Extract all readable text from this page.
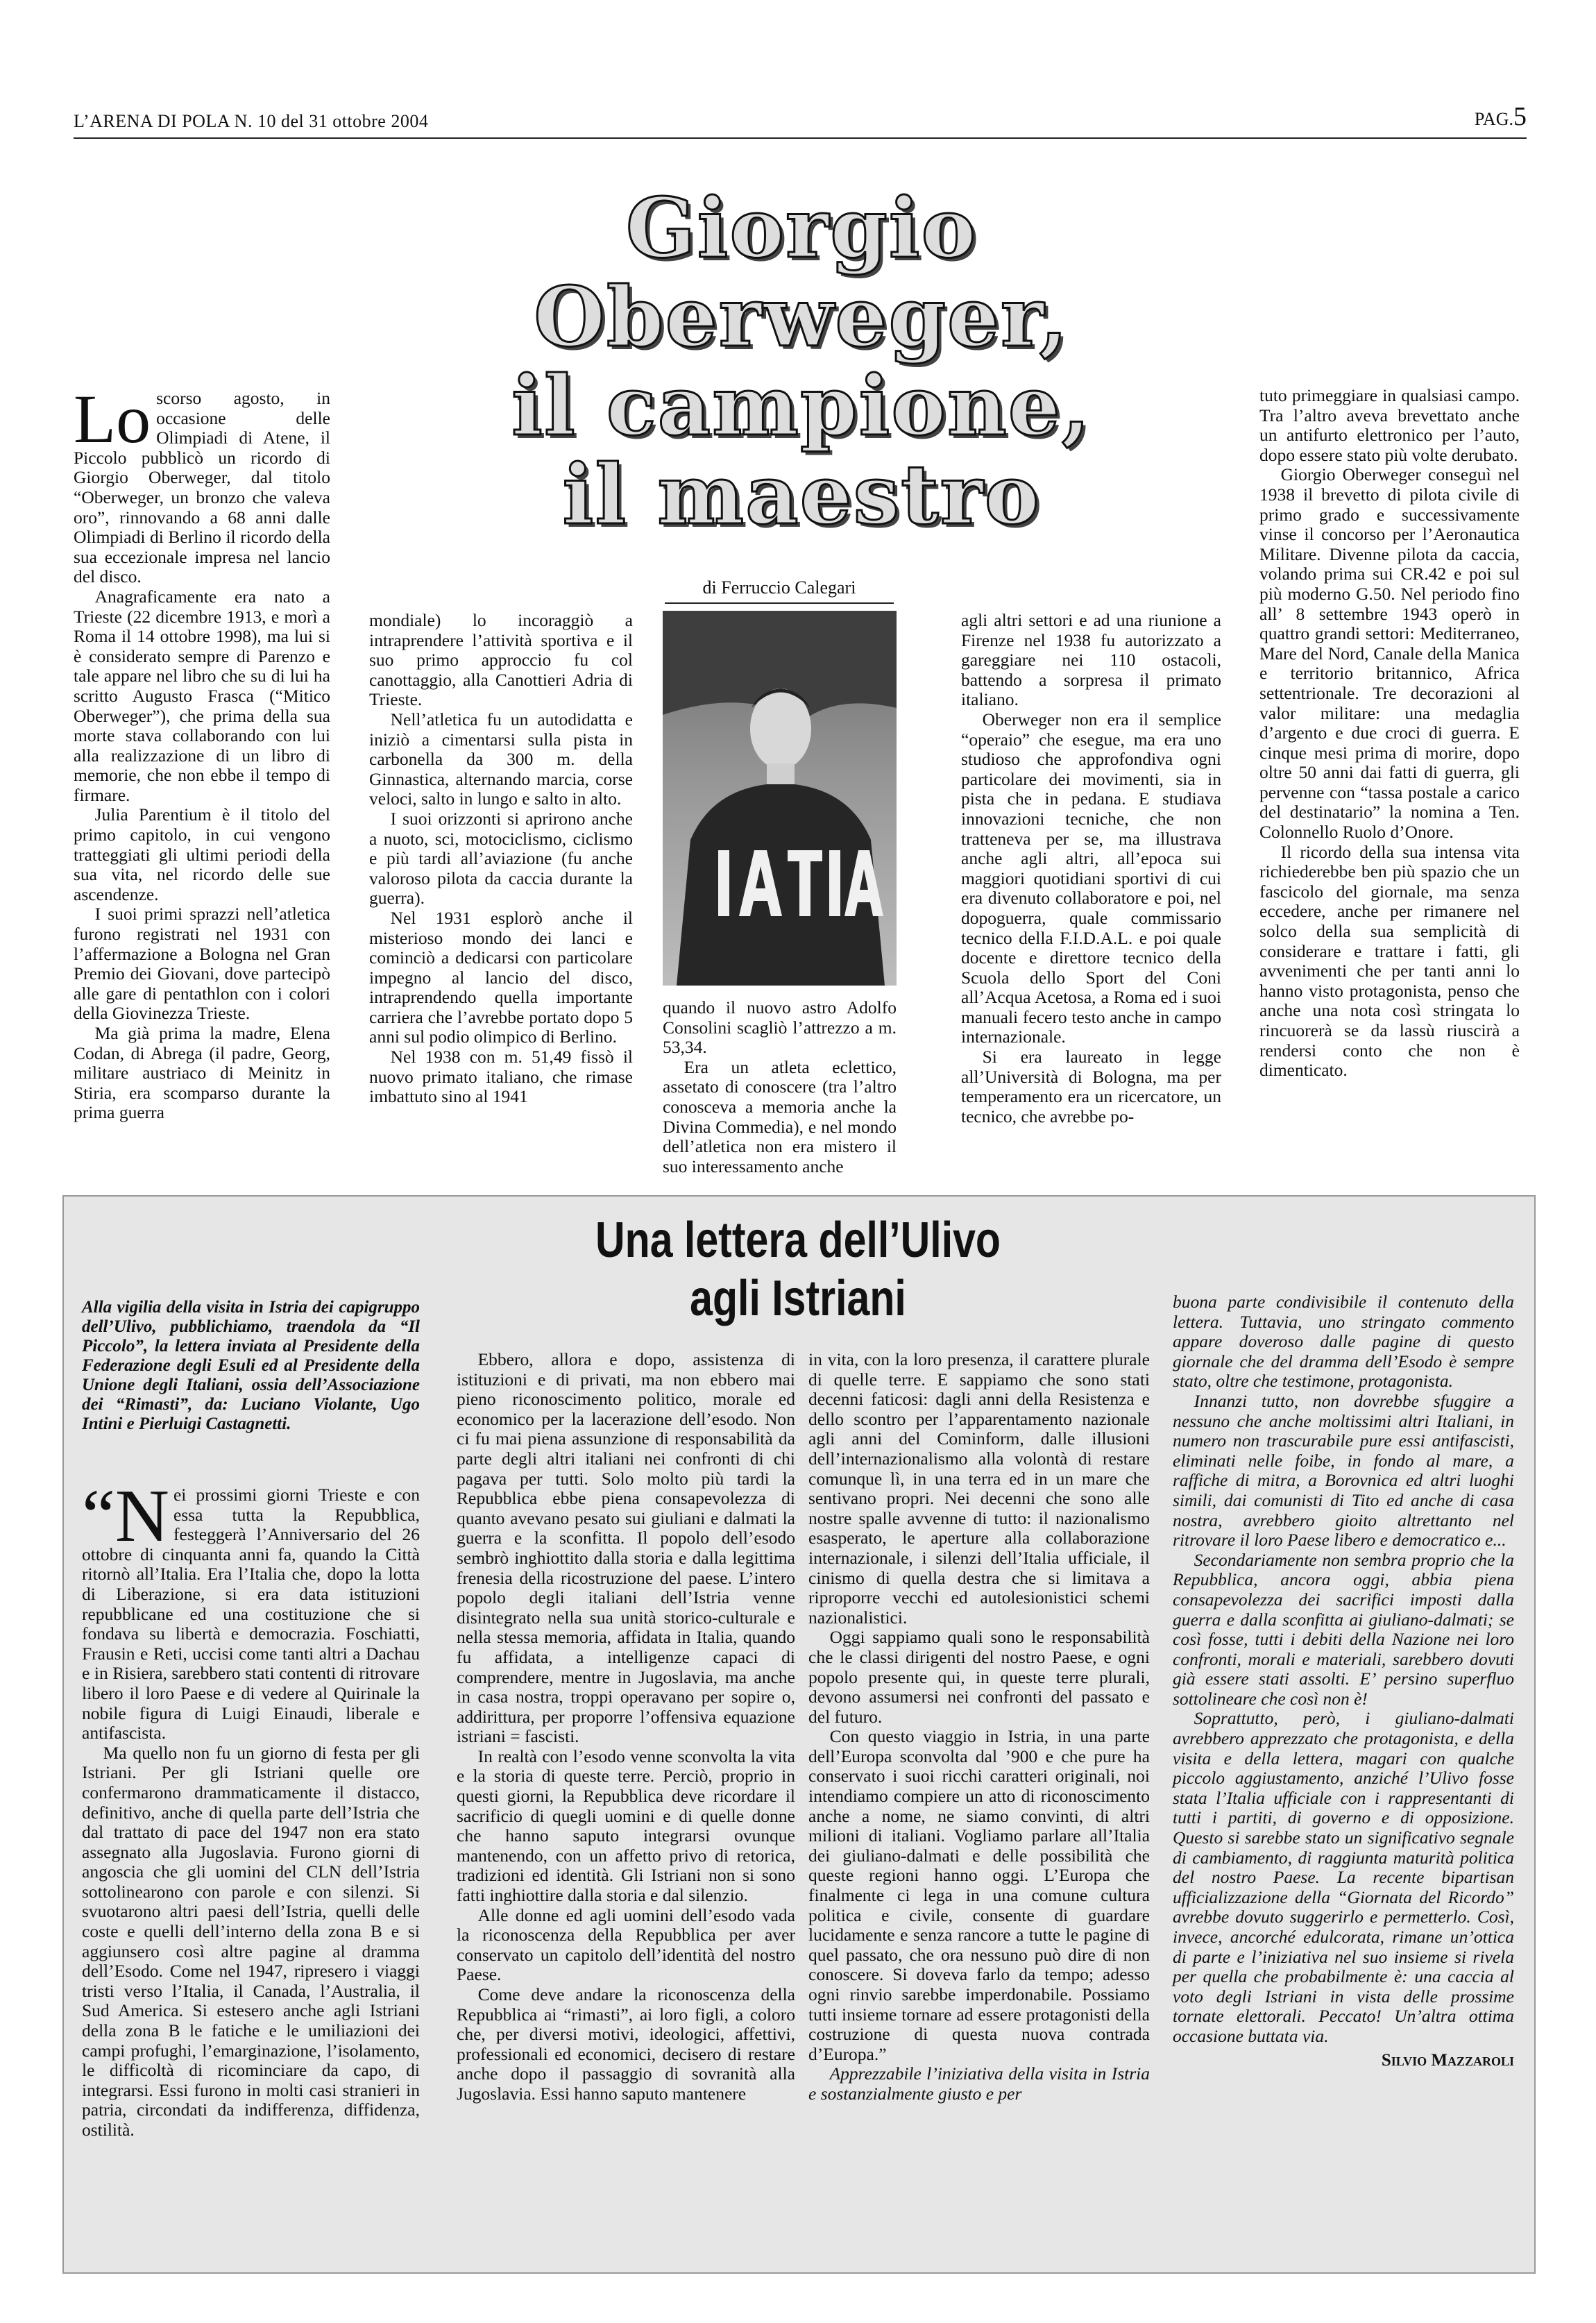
L’ARENA DI POLA N. 10 del 31 ottobre 2004	PAG.5
Giorgio
Oberweger,
il campione,
il maestro
di Ferruccio Calegari

Lo scorso agosto, in occasione delle Olimpiadi di Atene, il Piccolo pubblicò un ricordo di Giorgio Oberweger, dal titolo “Oberweger, un bronzo che valeva oro”, rinnovando a 68 anni dalle Olimpiadi di Berlino il ricordo della sua eccezionale impresa nel lancio del disco.

Anagraficamente era nato a Trieste (22 dicembre 1913, e morì a Roma il 14 ottobre 1998), ma lui si è considerato sempre di Parenzo e tale appare nel libro che su di lui ha scritto Augusto Frasca (“Mitico Oberweger”), che prima della sua morte stava collaborando con lui alla realizzazione di un libro di memorie, che non ebbe il tempo di firmare.

Julia Parentium è il titolo del primo capitolo, in cui vengono tratteggiati gli ultimi periodi della sua vita, nel ricordo delle sue ascendenze.

I suoi primi sprazzi nell’atletica furono registrati nel 1931 con l’affermazione a Bologna nel Gran Premio dei Giovani, dove partecipò alle gare di pentathlon con i colori della Giovinezza Trieste.

Ma già prima la madre, Elena Codan, di Abrega (il padre, Georg, militare austriaco di Meinitz in Stiria, era scomparso durante la prima guerra

mondiale) lo incoraggiò a intraprendere l’attività sportiva e il suo primo approccio fu col canottaggio, alla Canottieri Adria di Trieste.

Nell’atletica fu un autodidatta e iniziò a cimentarsi sulla pista in carbonella da 300 m. della Ginnastica, alternando marcia, corse veloci, salto in lungo e salto in alto.

I suoi orizzonti si aprirono anche a nuoto, sci, motociclismo, ciclismo e più tardi all’aviazione (fu anche valoroso pilota da caccia durante la guerra).

Nel 1931 esplorò anche il misterioso mondo dei lanci e cominciò a dedicarsi con particolare impegno al lancio del disco, intraprendendo quella importante carriera che l’avrebbe portato dopo 5 anni sul podio olimpico di Berlino.

Nel 1938 con m. 51,49 fissò il nuovo primato italiano, che rimase imbattuto sino al 1941

quando il nuovo astro Adolfo Consolini scagliò l’attrezzo a m. 53,34.

Era un atleta eclettico, assetato di conoscere (tra l’altro conosceva a memoria anche la Divina Commedia), e nel mondo dell’atletica non era mistero il suo interessamento anche

agli altri settori e ad una riunione a Firenze nel 1938 fu autorizzato a gareggiare nei 110 ostacoli, battendo a sorpresa il primato italiano.

Oberweger non era il semplice “operaio” che esegue, ma era uno studioso che approfondiva ogni particolare dei movimenti, sia in pista che in pedana. E studiava innovazioni tecniche, che non tratteneva per se, ma illustrava anche agli altri, all’epoca sui maggiori quotidiani sportivi di cui era divenuto collaboratore e poi, nel dopoguerra, quale commissario tecnico della F.I.D.A.L. e poi quale docente e direttore tecnico della Scuola dello Sport del Coni all’Acqua Acetosa, a Roma ed i suoi manuali fecero testo anche in campo internazionale.

Si era laureato in legge all’Università di Bologna, ma per temperamento era un ricercatore, un tecnico, che avrebbe po-

tuto primeggiare in qualsiasi campo. Tra l’altro aveva brevettato anche un antifurto elettronico per l’auto, dopo essere stato più volte derubato.

Giorgio Oberweger conseguì nel 1938 il brevetto di pilota civile di primo grado e successivamente vinse il concorso per l’Aeronautica Militare. Divenne pilota da caccia, volando prima sui CR.42 e poi sul più moderno G.50. Nel periodo fino all’ 8 settembre 1943 operò in quattro grandi settori: Mediterraneo, Mare del Nord, Canale della Manica e territorio britannico, Africa settentrionale. Tre decorazioni al valor militare: una medaglia d’argento e due croci di guerra. E cinque mesi prima di morire, dopo oltre 50 anni dai fatti di guerra, gli pervenne con “tassa postale a carico del destinatario” la nomina a Ten. Colonnello Ruolo d’Onore.

Il ricordo della sua intensa vita richiederebbe ben più spazio che un fascicolo del giornale, ma senza eccedere, anche per rimanere nel solco della sua semplicità di considerare e trattare i fatti, gli avvenimenti che per tanti anni lo hanno visto protagonista, penso che anche una nota così stringata lo rincuorerà se da lassù riuscirà a rendersi conto che non è dimenticato.

Una lettera dell’Ulivo
agli Istriani

Alla vigilia della visita in Istria dei capigruppo dell’Ulivo, pubblichiamo, traendola da “Il Piccolo”, la lettera inviata al Presidente della Federazione degli Esuli ed al Presidente della Unione degli Italiani, ossia dell’Associazione dei “Rimasti”, da: Luciano Violante, Ugo Intini e Pierluigi Castagnetti.

“Nei prossimi giorni Trieste e con essa tutta la Repubblica, festeggerà l’Anniversario del 26 ottobre di cinquanta anni fa, quando la Città ritornò all’Italia. Era l’Italia che, dopo la lotta di Liberazione, si era data istituzioni repubblicane ed una costituzione che si fondava su libertà e democrazia. Foschiatti, Frausin e Reti, uccisi come tanti altri a Dachau e in Risiera, sarebbero stati contenti di ritrovare libero il loro Paese e di vedere al Quirinale la nobile figura di Luigi Einaudi, liberale e antifascista.

Ma quello non fu un giorno di festa per gli Istriani. Per gli Istriani quelle ore confermarono drammaticamente il distacco, definitivo, anche di quella parte dell’Istria che dal trattato di pace del 1947 non era stato assegnato alla Jugoslavia. Furono giorni di angoscia che gli uomini del CLN dell’Istria sottolinearono con parole e con silenzi. Si svuotarono altri paesi dell’Istria, quelli delle coste e quelli dell’interno della zona B e si aggiunsero così altre pagine al dramma dell’Esodo. Come nel 1947, ripresero i viaggi tristi verso l’Italia, il Canada, l’Australia, il Sud America. Si estesero anche agli Istriani della zona B le fatiche e le umiliazioni dei campi profughi, l’emarginazione, l’isolamento, le difficoltà di ricominciare da capo, di integrarsi. Essi furono in molti casi stranieri in patria, circondati da indifferenza, diffidenza, ostilità.

Ebbero, allora e dopo, assistenza di istituzioni e di privati, ma non ebbero mai pieno riconoscimento politico, morale ed economico per la lacerazione dell’esodo. Non ci fu mai piena assunzione di responsabilità da parte degli altri italiani nei confronti di chi pagava per tutti. Solo molto più tardi la Repubblica ebbe piena consapevolezza di quanto avevano pesato sui giuliani e dalmati la guerra e la sconfitta. Il popolo dell’esodo sembrò inghiottito dalla storia e dalla legittima frenesia della ricostruzione del paese. L’intero popolo degli italiani dell’Istria venne disintegrato nella sua unità storico-culturale e nella stessa memoria, affidata in Italia, quando fu affidata, a intelligenze capaci di comprendere, mentre in Jugoslavia, ma anche in casa nostra, troppi operavano per sopire o, addirittura, per proporre l’offensiva equazione istriani = fascisti.

In realtà con l’esodo venne sconvolta la vita e la storia di queste terre. Perciò, proprio in questi giorni, la Repubblica deve ricordare il sacrificio di quegli uomini e di quelle donne che hanno saputo integrarsi ovunque mantenendo, con un affetto privo di retorica, tradizioni ed identità. Gli Istriani non si sono fatti inghiottire dalla storia e dal silenzio.

Alle donne ed agli uomini dell’esodo vada la riconoscenza della Repubblica per aver conservato un capitolo dell’identità del nostro Paese.

Come deve andare la riconoscenza della Repubblica ai “rimasti”, ai loro figli, a coloro che, per diversi motivi, ideologici, affettivi, professionali ed economici, decisero di restare anche dopo il passaggio di sovranità alla Jugoslavia. Essi hanno saputo mantenere

in vita, con la loro presenza, il carattere plurale di quelle terre. E sappiamo che sono stati decenni faticosi: dagli anni della Resistenza e dello scontro per l’apparentamento nazionale agli anni del Cominform, dalle illusioni dell’internazionalismo alla volontà di restare comunque lì, in una terra ed in un mare che sentivano propri. Nei decenni che sono alle nostre spalle avvenne di tutto: il nazionalismo esasperato, le aperture alla collaborazione internazionale, i silenzi dell’Italia ufficiale, il cinismo di quella destra che si limitava a riproporre vecchi ed autolesionistici schemi nazionalistici.

Oggi sappiamo quali sono le responsabilità che le classi dirigenti del nostro Paese, e ogni popolo presente qui, in queste terre plurali, devono assumersi nei confronti del passato e del futuro.

Con questo viaggio in Istria, in una parte dell’Europa sconvolta dal ’900 e che pure ha conservato i suoi ricchi caratteri originali, noi intendiamo compiere un atto di riconoscimento anche a nome, ne siamo convinti, di altri milioni di italiani. Vogliamo parlare all’Italia dei giuliano-dalmati e delle possibilità che queste regioni hanno oggi. L’Europa che finalmente ci lega in una comune cultura politica e civile, consente di guardare lucidamente e senza rancore a tutte le pagine di quel passato, che ora nessuno può dire di non conoscere. Si doveva farlo da tempo; adesso ogni rinvio sarebbe imperdonabile. Possiamo tutti insieme tornare ad essere protagonisti della costruzione di questa nuova contrada d’Europa.”

Apprezzabile l’iniziativa della visita in Istria e sostanzialmente giusto e per

buona parte condivisibile il contenuto della lettera. Tuttavia, uno stringato commento appare doveroso dalle pagine di questo giornale che del dramma dell’Esodo è sempre stato, oltre che testimone, protagonista.

Innanzi tutto, non dovrebbe sfuggire a nessuno che anche moltissimi altri Italiani, in numero non trascurabile pure essi antifascisti, eliminati nelle foibe, in fondo al mare, a raffiche di mitra, a Borovnica ed altri luoghi simili, dai comunisti di Tito ed anche di casa nostra, avrebbero gioito altrettanto nel ritrovare il loro Paese libero e democratico e...

Secondariamente non sembra proprio che la Repubblica, ancora oggi, abbia piena consapevolezza dei sacrifici imposti dalla guerra e dalla sconfitta ai giuliano-dalmati; se così fosse, tutti i debiti della Nazione nei loro confronti, morali e materiali, sarebbero dovuti già essere stati assolti. E’ persino superfluo sottolineare che così non è!

Soprattutto, però, i giuliano-dalmati avrebbero apprezzato che protagonista, e della visita e della lettera, magari con qualche piccolo aggiustamento, anziché l’Ulivo fosse stata l’Italia ufficiale con i rappresentanti di tutti i partiti, di governo e di opposizione. Questo si sarebbe stato un significativo segnale di cambiamento, di raggiunta maturità politica del nostro Paese. La recente bipartisan ufficializzazione della “Giornata del Ricordo” avrebbe dovuto suggerirlo e permetterlo. Così, invece, ancorché edulcorata, rimane un’ottica di parte e l’iniziativa nel suo insieme si rivela per quella che probabilmente è: una caccia al voto degli Istriani in vista delle prossime tornate elettorali. Peccato! Un’altra ottima occasione buttata via.

Silvio Mazzaroli
